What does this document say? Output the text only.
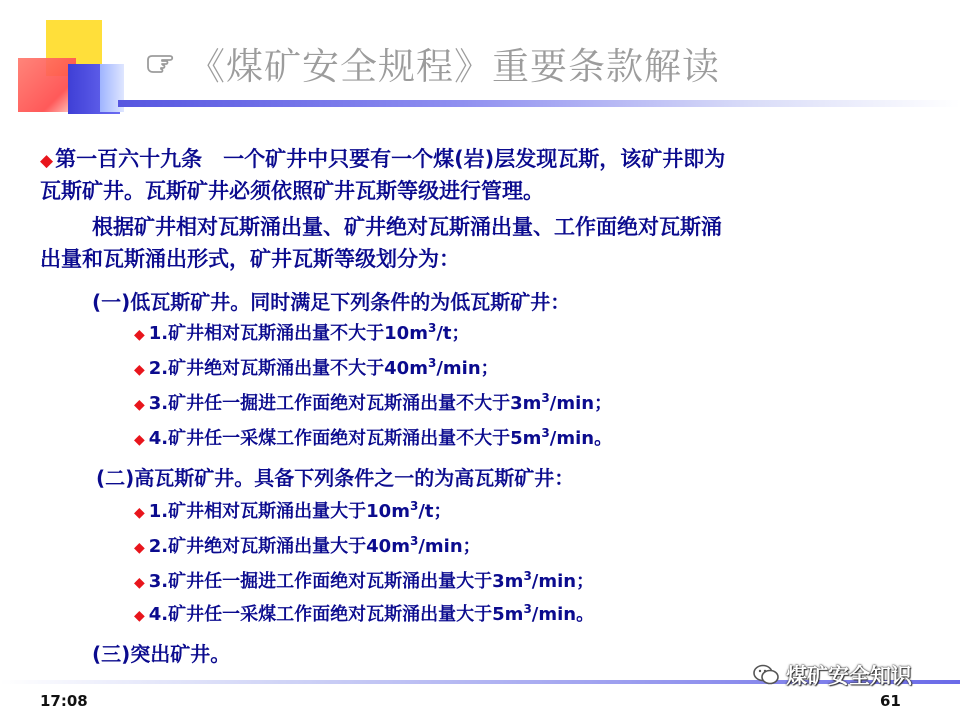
《煤矿安全规程》重要条款解读
◆第一百六十九条　一个矿井中只要有一个煤(岩)层发现瓦斯，该矿井即为
瓦斯矿井。瓦斯矿井必须依照矿井瓦斯等级进行管理。
根据矿井相对瓦斯涌出量、矿井绝对瓦斯涌出量、工作面绝对瓦斯涌
出量和瓦斯涌出形式，矿井瓦斯等级划分为：
(一)低瓦斯矿井。同时满足下列条件的为低瓦斯矿井：
◆ 1.矿井相对瓦斯涌出量不大于$10m^3/t$；
◆ 2.矿井绝对瓦斯涌出量不大于$40m^3/\min$；
◆ 3.矿井任一掘进工作面绝对瓦斯涌出量不大于$3m^3/\min$；
◆ 4.矿井任一采煤工作面绝对瓦斯涌出量不大于$5m^3/\min$。
(二)高瓦斯矿井。具备下列条件之一的为高瓦斯矿井：
◆ 1.矿井相对瓦斯涌出量大于$10m^3/t$；
◆ 2.矿井绝对瓦斯涌出量大于$40m^3/\min$；
◆ 3.矿井任一掘进工作面绝对瓦斯涌出量大于$3m^3/\min$；
◆ 4.矿井任一采煤工作面绝对瓦斯涌出量大于$5m^3/\min$。
(三)突出矿井。
17:08	61
煤矿安全知识
